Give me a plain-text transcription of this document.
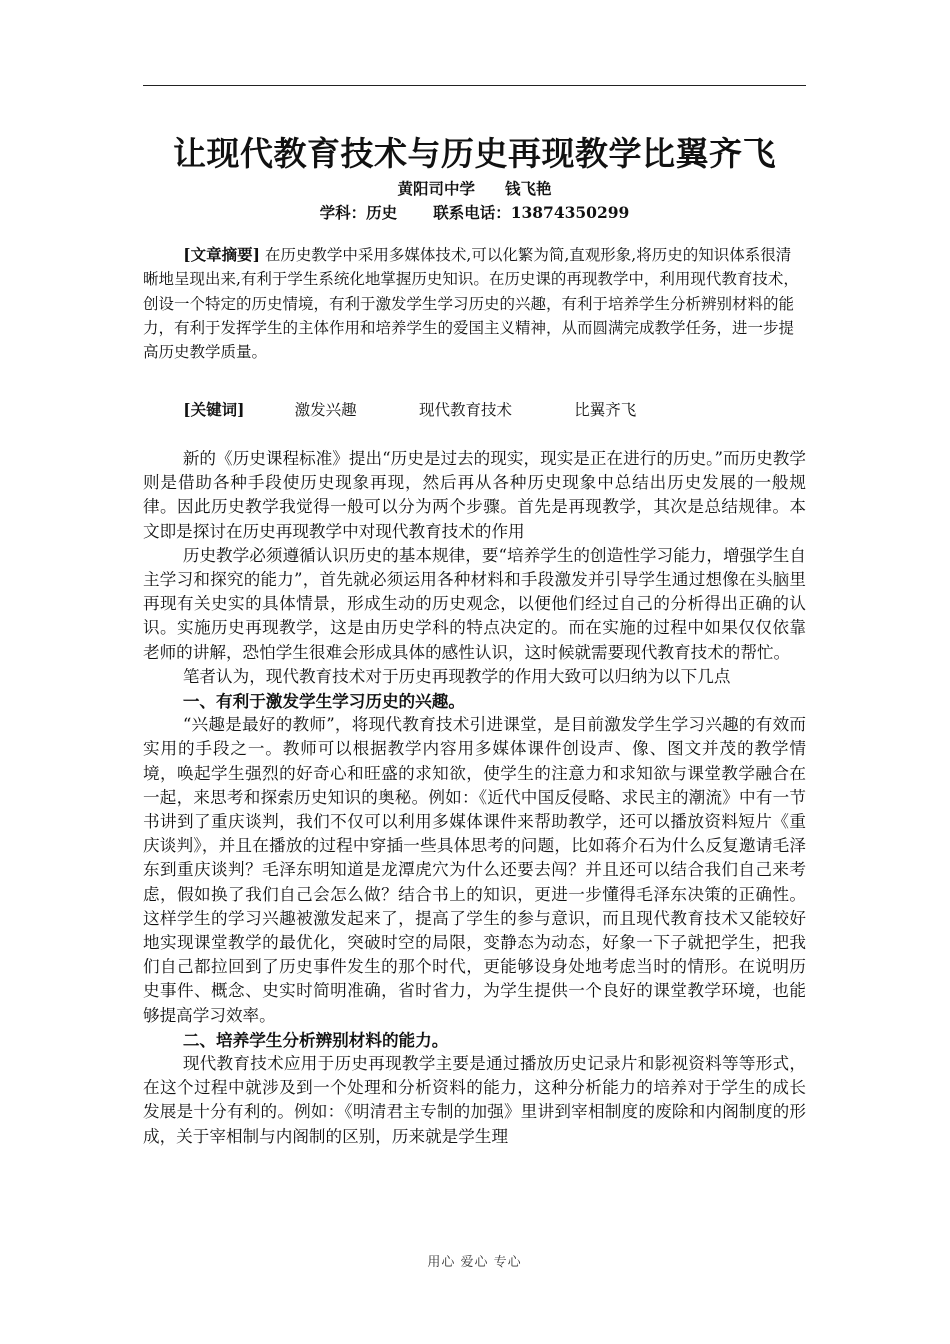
让现代教育技术与历史再现教学比翼齐飞

黄阳司中学 钱飞艳

学科：历史 联系电话：13874350299

[文章摘要] 在历史教学中采用多媒体技术,可以化繁为简,直观形象,将历史的知识体系很清晰地呈现出来,有利于学生系统化地掌握历史知识。在历史课的再现教学中，利用现代教育技术，创设一个特定的历史情境，有利于激发学生学习历史的兴趣，有利于培养学生分析辨别材料的能力，有利于发挥学生的主体作用和培养学生的爱国主义精神，从而圆满完成教学任务，进一步提高历史教学质量。

[关键词]	激发兴趣	现代教育技术	比翼齐飞

新的《历史课程标准》提出“历史是过去的现实，现实是正在进行的历史。”而历史教学则是借助各种手段使历史现象再现，然后再从各种历史现象中总结出历史发展的一般规律。因此历史教学我觉得一般可以分为两个步骤。首先是再现教学，其次是总结规律。本文即是探讨在历史再现教学中对现代教育技术的作用

历史教学必须遵循认识历史的基本规律，要“培养学生的创造性学习能力，增强学生自主学习和探究的能力”，首先就必须运用各种材料和手段激发并引导学生通过想像在头脑里再现有关史实的具体情景，形成生动的历史观念，以便他们经过自己的分析得出正确的认识。实施历史再现教学，这是由历史学科的特点决定的。而在实施的过程中如果仅仅依靠老师的讲解，恐怕学生很难会形成具体的感性认识，这时候就需要现代教育技术的帮忙。

笔者认为，现代教育技术对于历史再现教学的作用大致可以归纳为以下几点

一、有利于激发学生学习历史的兴趣。

“兴趣是最好的教师”，将现代教育技术引进课堂，是目前激发学生学习兴趣的有效而实用的手段之一。教师可以根据教学内容用多媒体课件创设声、像、图文并茂的教学情境，唤起学生强烈的好奇心和旺盛的求知欲，使学生的注意力和求知欲与课堂教学融合在一起，来思考和探索历史知识的奥秘。例如：《近代中国反侵略、求民主的潮流》中有一节书讲到了重庆谈判，我们不仅可以利用多媒体课件来帮助教学，还可以播放资料短片《重庆谈判》，并且在播放的过程中穿插一些具体思考的问题，比如蒋介石为什么反复邀请毛泽东到重庆谈判？毛泽东明知道是龙潭虎穴为什么还要去闯？并且还可以结合我们自己来考虑，假如换了我们自己会怎么做？结合书上的知识，更进一步懂得毛泽东决策的正确性。这样学生的学习兴趣被激发起来了，提高了学生的参与意识，而且现代教育技术又能较好地实现课堂教学的最优化，突破时空的局限，变静态为动态，好象一下子就把学生，把我们自己都拉回到了历史事件发生的那个时代，更能够设身处地考虑当时的情形。在说明历史事件、概念、史实时简明准确，省时省力，为学生提供一个良好的课堂教学环境，也能够提高学习效率。

二、培养学生分析辨别材料的能力。

现代教育技术应用于历史再现教学主要是通过播放历史记录片和影视资料等等形式，在这个过程中就涉及到一个处理和分析资料的能力，这种分析能力的培养对于学生的成长发展是十分有利的。例如：《明清君主专制的加强》里讲到宰相制度的废除和内阁制度的形成，关于宰相制与内阁制的区别，历来就是学生理

用心 爱心 专心
